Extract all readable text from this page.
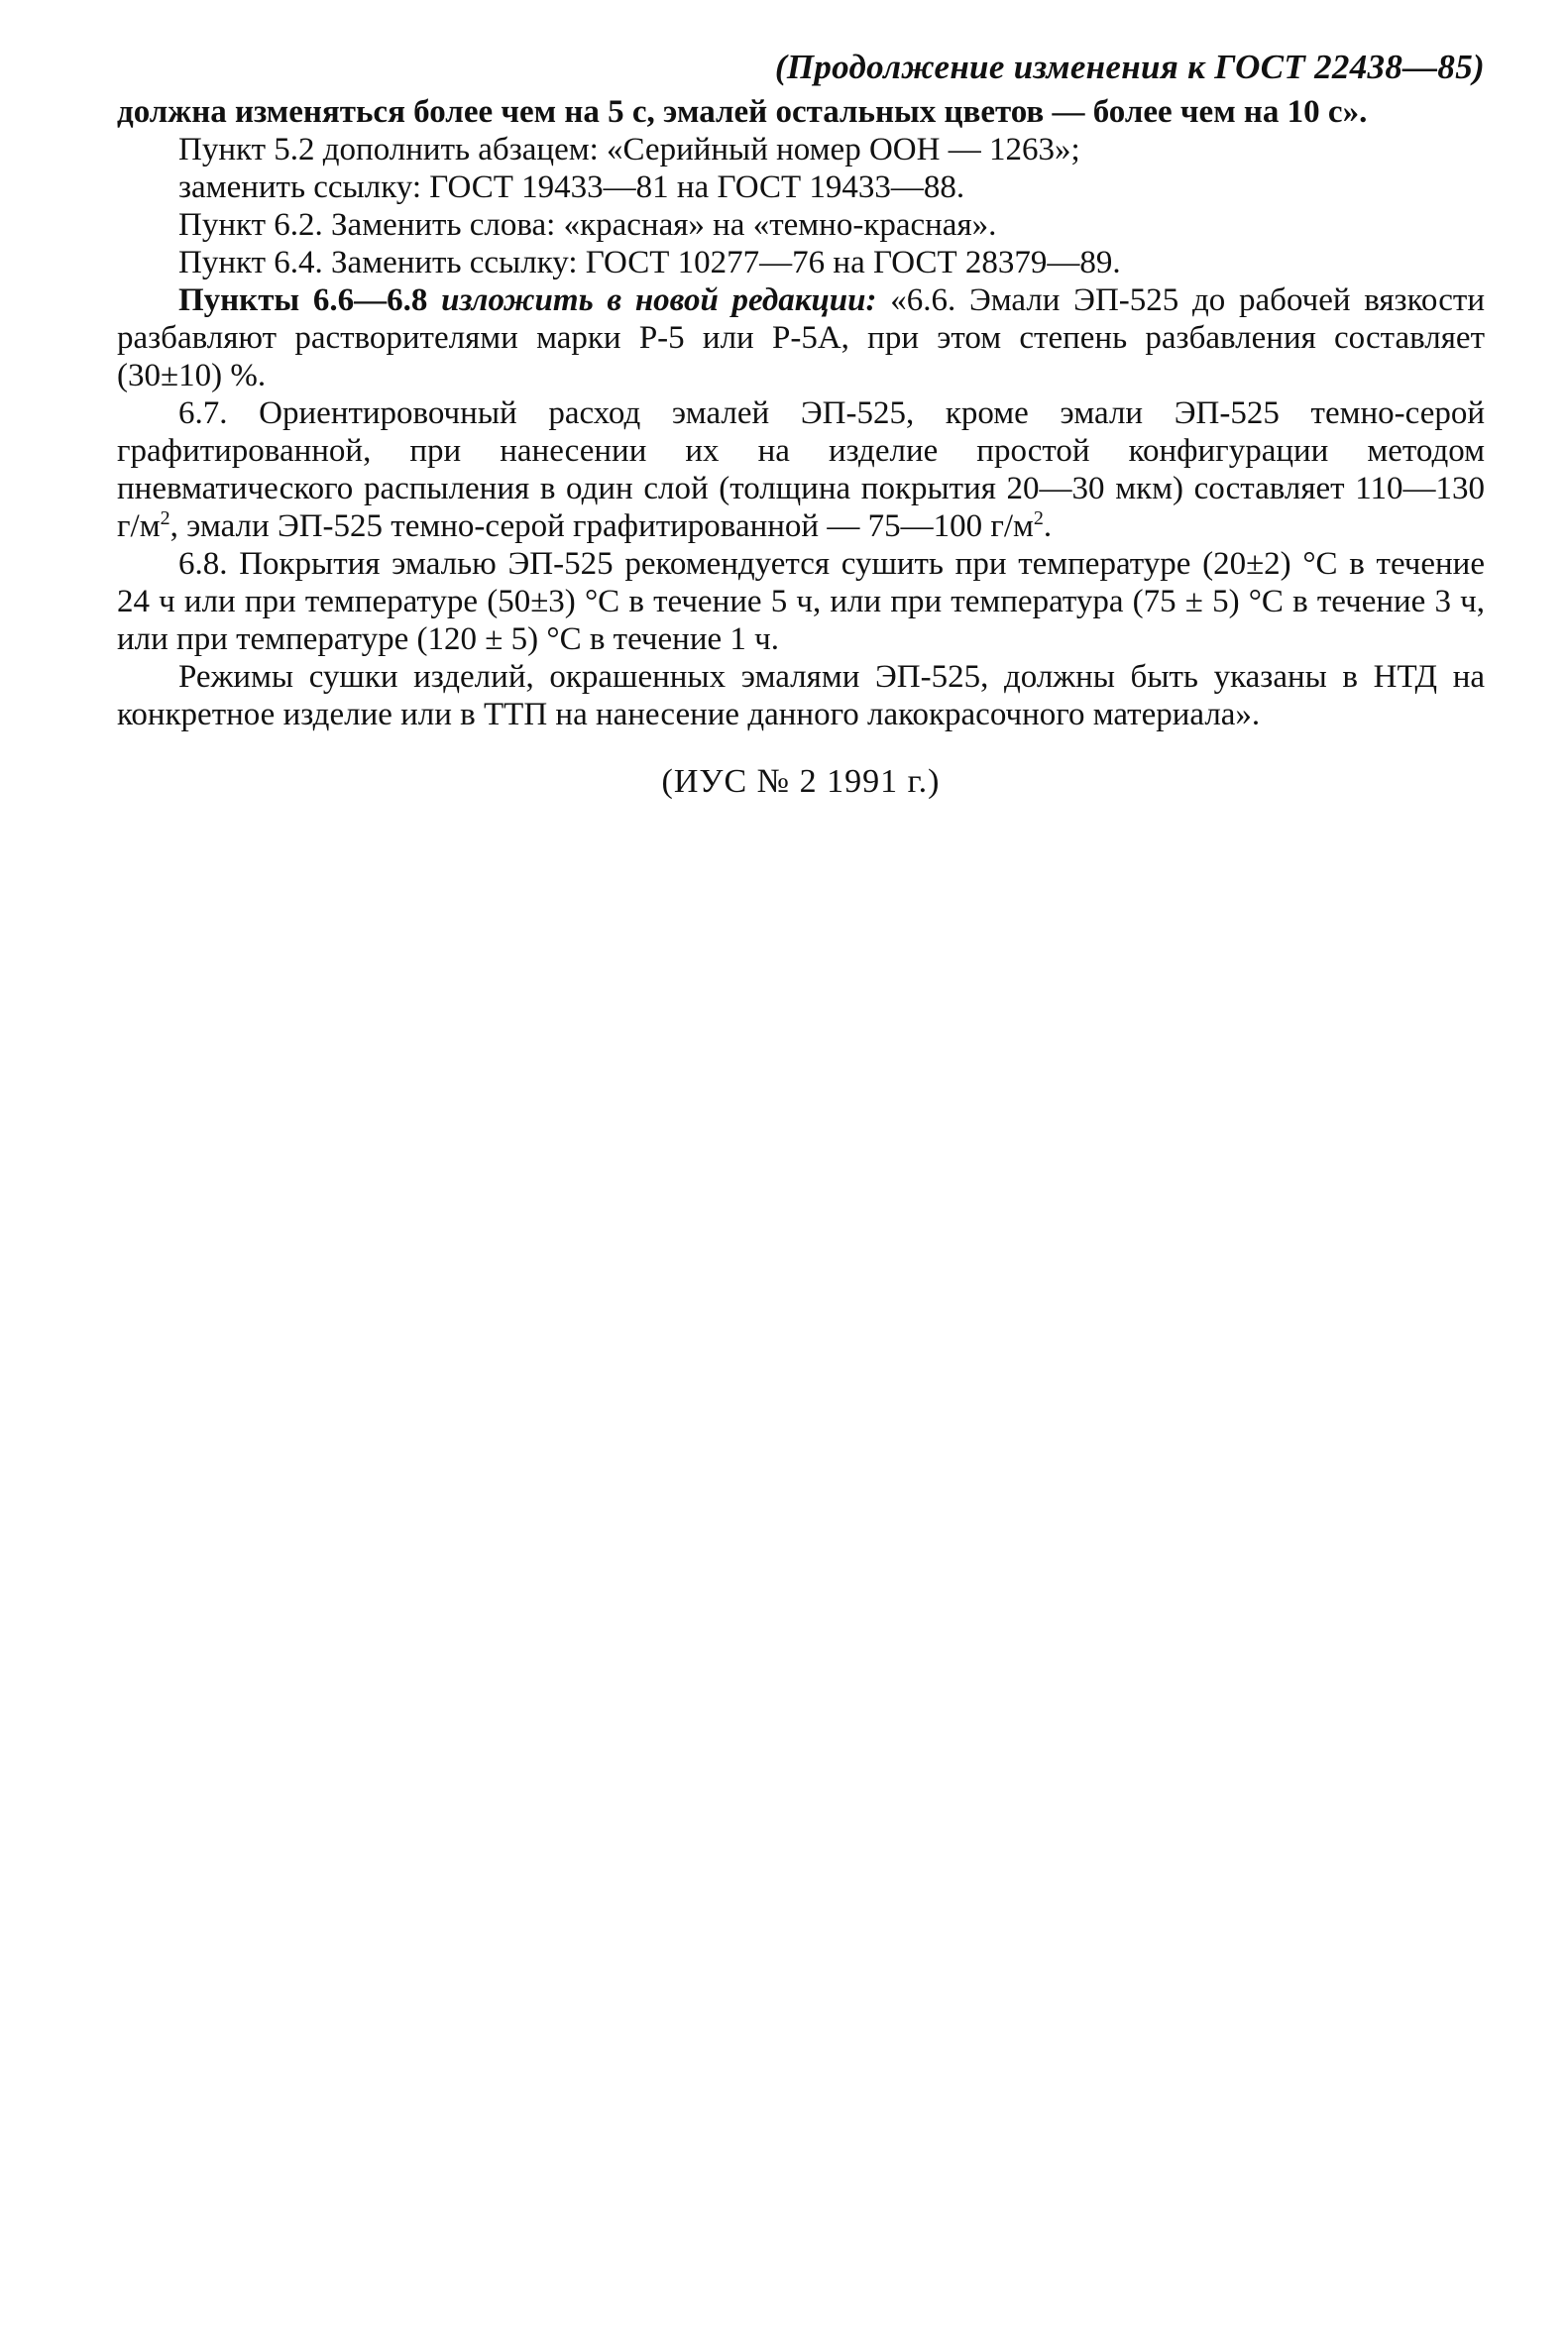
(Продолжение изменения к ГОСТ 22438—85)

должна изменяться более чем на 5 с, эмалей остальных цветов — более чем на 10 с».

Пункт 5.2 дополнить абзацем: «Серийный номер ООН — 1263»;

заменить ссылку: ГОСТ 19433—81 на ГОСТ 19433—88.

Пункт 6.2. Заменить слова: «красная» на «темно-красная».

Пункт 6.4. Заменить ссылку: ГОСТ 10277—76 на ГОСТ 28379—89.

Пункты 6.6—6.8 изложить в новой редакции: «6.6. Эмали ЭП-525 до рабочей вязкости разбавляют растворителями марки Р-5 или Р-5А, при этом степень разбавления составляет (30±10) %.

6.7. Ориентировочный расход эмалей ЭП-525, кроме эмали ЭП-525 темно-серой графитированной, при нанесении их на изделие простой конфигурации методом пневматического распыления в один слой (толщина покрытия 20—30 мкм) составляет 110—130 $г/м^2$, эмали ЭП-525 темно-серой графитированной — 75—100 $г/м^2$.

6.8. Покрытия эмалью ЭП-525 рекомендуется сушить при температуре (20±2) °С в течение 24 ч или при температуре (50±3) °С в течение 5 ч, или при температура (75 ± 5) °С в течение 3 ч, или при температуре (120 ± 5) °С в течение 1 ч.

Режимы сушки изделий, окрашенных эмалями ЭП-525, должны быть указаны в НТД на конкретное изделие или в ТТП на нанесение данного лакокрасочного материала».

(ИУС № 2 1991 г.)
